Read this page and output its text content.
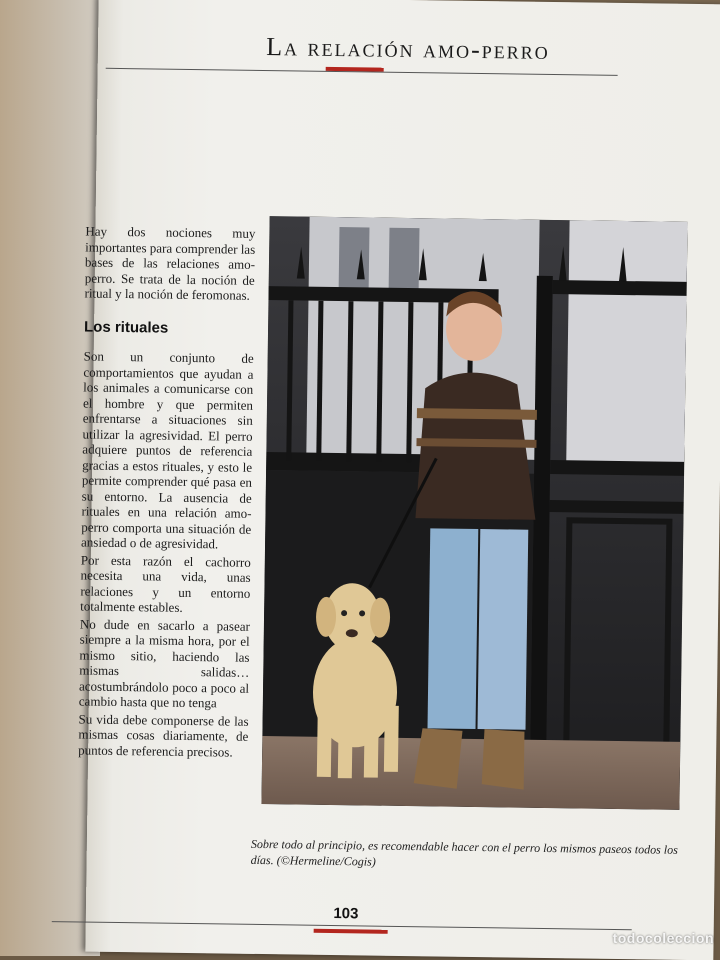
La relación amo-perro

Hay dos nociones muy importantes para comprender las bases de las relaciones amo-perro. Se trata de la noción de ritual y la noción de feromonas.

Los rituales

Son un conjunto de comportamientos que ayudan a los animales a comunicarse con el hombre y que permiten enfrentarse a situaciones sin utilizar la agresividad. El perro adquiere puntos de referencia gracias a estos rituales, y esto le permite comprender qué pasa en su entorno. La ausencia de rituales en una relación amo-perro comporta una situación de ansiedad o de agresividad.

Por esta razón el cachorro necesita una vida, unas relaciones y un entorno totalmente estables.

No dude en sacarlo a pasear siempre a la misma hora, por el mismo sitio, haciendo las mismas salidas… acostumbrándolo poco a poco al cambio hasta que no tenga

Su vida debe componerse de las mismas cosas diariamente, de puntos de referencia precisos.

Sobre todo al principio, es recomendable hacer con el perro los mismos paseos todos los días. (©Hermeline/Cogis)
103
todocoleccion
